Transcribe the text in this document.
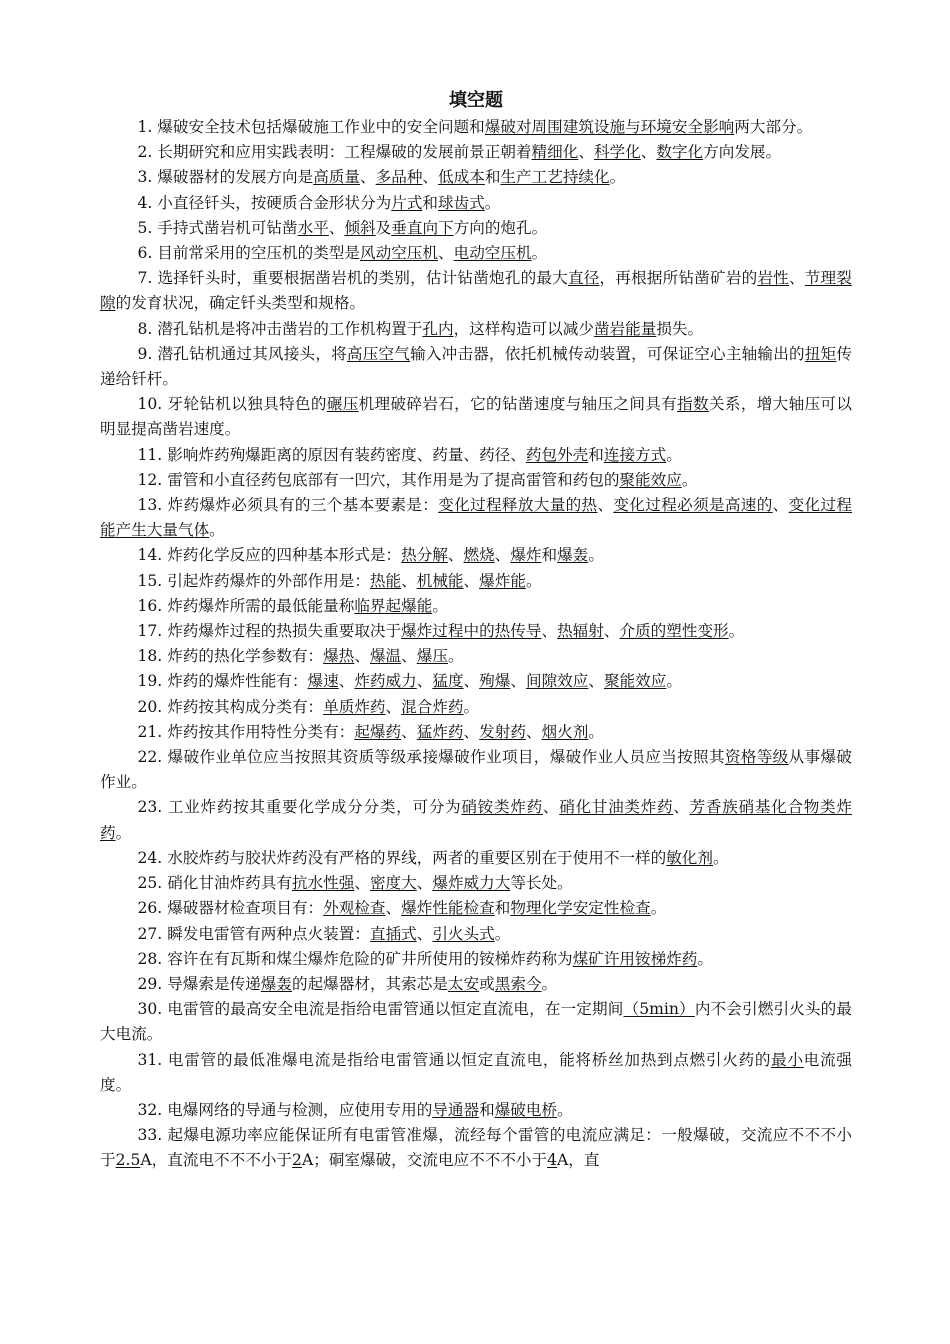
填空题

1. 爆破安全技术包括爆破施工作业中的安全问题和爆破对周围建筑设施与环境安全影响两大部分。

2. 长期研究和应用实践表明：工程爆破的发展前景正朝着精细化、科学化、数字化方向发展。

3. 爆破器材的发展方向是高质量、多品种、低成本和生产工艺持续化。

4. 小直径钎头，按硬质合金形状分为片式和球齿式。

5. 手持式凿岩机可钻凿水平、倾斜及垂直向下方向的炮孔。

6. 目前常采用的空压机的类型是风动空压机、电动空压机。

7. 选择钎头时，重要根据凿岩机的类别，估计钻凿炮孔的最大直径，再根据所钻凿矿岩的岩性、节理裂隙的发育状况，确定钎头类型和规格。

8. 潜孔钻机是将冲击凿岩的工作机构置于孔内，这样构造可以减少凿岩能量损失。

9. 潜孔钻机通过其风接头，将高压空气输入冲击器，依托机械传动装置，可保证空心主轴输出的扭矩传递给钎杆。

10. 牙轮钻机以独具特色的碾压机理破碎岩石，它的钻凿速度与轴压之间具有指数关系，增大轴压可以明显提高凿岩速度。

11. 影响炸药殉爆距离的原因有装药密度、药量、药径、药包外壳和连接方式。

12. 雷管和小直径药包底部有一凹穴，其作用是为了提高雷管和药包的聚能效应。

13. 炸药爆炸必须具有的三个基本要素是：变化过程释放大量的热、变化过程必须是高速的、变化过程能产生大量气体。

14. 炸药化学反应的四种基本形式是：热分解、燃烧、爆炸和爆轰。

15. 引起炸药爆炸的外部作用是：热能、机械能、爆炸能。

16. 炸药爆炸所需的最低能量称临界起爆能。

17. 炸药爆炸过程的热损失重要取决于爆炸过程中的热传导、热辐射、介质的塑性变形。

18. 炸药的热化学参数有：爆热、爆温、爆压。

19. 炸药的爆炸性能有：爆速、炸药威力、猛度、殉爆、间隙效应、聚能效应。

20. 炸药按其构成分类有：单质炸药、混合炸药。

21. 炸药按其作用特性分类有：起爆药、猛炸药、发射药、烟火剂。

22. 爆破作业单位应当按照其资质等级承接爆破作业项目，爆破作业人员应当按照其资格等级从事爆破作业。

23. 工业炸药按其重要化学成分分类，可分为硝铵类炸药、硝化甘油类炸药、芳香族硝基化合物类炸药。

24. 水胶炸药与胶状炸药没有严格的界线，两者的重要区别在于使用不一样的敏化剂。

25. 硝化甘油炸药具有抗水性强、密度大、爆炸威力大等长处。

26. 爆破器材检查项目有：外观检查、爆炸性能检查和物理化学安定性检查。

27. 瞬发电雷管有两种点火装置：直插式、引火头式。

28. 容许在有瓦斯和煤尘爆炸危险的矿井所使用的铵梯炸药称为煤矿许用铵梯炸药。

29. 导爆索是传递爆轰的起爆器材，其索芯是太安或黑索今。

30. 电雷管的最高安全电流是指给电雷管通以恒定直流电，在一定期间（5min）内不会引燃引火头的最大电流。

31. 电雷管的最低准爆电流是指给电雷管通以恒定直流电，能将桥丝加热到点燃引火药的最小电流强度。

32. 电爆网络的导通与检测，应使用专用的导通器和爆破电桥。

33. 起爆电源功率应能保证所有电雷管准爆，流经每个雷管的电流应满足：一般爆破，交流应不不不小于2.5A，直流电不不不小于2A；硐室爆破，交流电应不不不小于4A，直
